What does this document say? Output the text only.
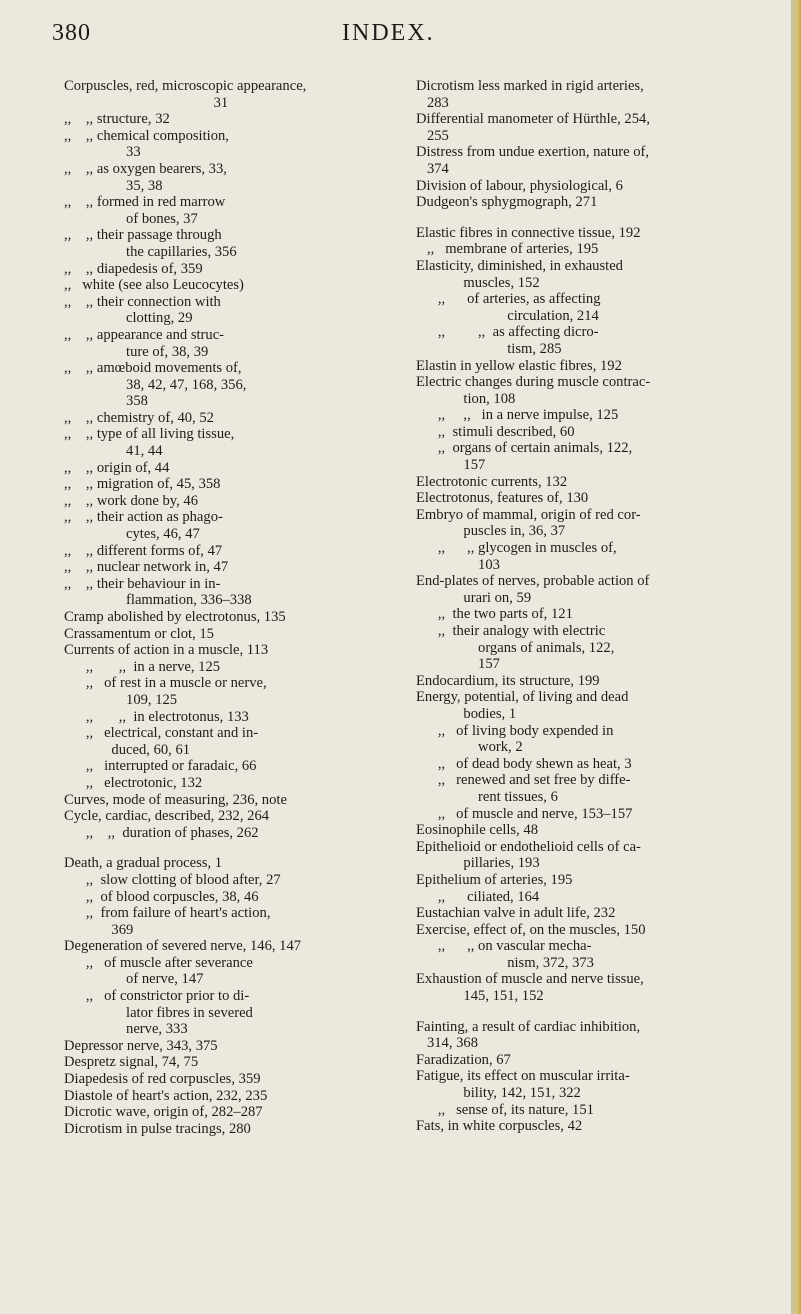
380	INDEX.
Corpuscles, red, microscopic appearance,
31
,,    ,, structure, 32
,,    ,, chemical composition,
33
,,    ,, as oxygen bearers, 33,
35, 38
,,    ,, formed in red marrow
of bones, 37
,,    ,, their passage through
the capillaries, 356
,,    ,, diapedesis of, 359
,,   white (see also Leucocytes)
,,    ,, their connection with
clotting, 29
,,    ,, appearance and struc-
ture of, 38, 39
,,    ,, amœboid movements of,
38, 42, 47, 168, 356,
358
,,    ,, chemistry of, 40, 52
,,    ,, type of all living tissue,
41, 44
,,    ,, origin of, 44
,,    ,, migration of, 45, 358
,,    ,, work done by, 46
,,    ,, their action as phago-
cytes, 46, 47
,,    ,, different forms of, 47
,,    ,, nuclear network in, 47
,,    ,, their behaviour in in-
flammation, 336–338
Cramp abolished by electrotonus, 135
Crassamentum or clot, 15
Currents of action in a muscle, 113
,,       ,,  in a nerve, 125
,,   of rest in a muscle or nerve,
109, 125
,,       ,,  in electrotonus, 133
,,   electrical, constant and in-
duced, 60, 61
,,   interrupted or faradaic, 66
,,   electrotonic, 132
Curves, mode of measuring, 236, note
Cycle, cardiac, described, 232, 264
,,    ,,  duration of phases, 262
Death, a gradual process, 1
,,  slow clotting of blood after, 27
,,  of blood corpuscles, 38, 46
,,  from failure of heart's action,
369
Degeneration of severed nerve, 146, 147
,,   of muscle after severance
of nerve, 147
,,   of constrictor prior to di-
lator fibres in severed
nerve, 333
Depressor nerve, 343, 375
Despretz signal, 74, 75
Diapedesis of red corpuscles, 359
Diastole of heart's action, 232, 235
Dicrotic wave, origin of, 282–287
Dicrotism in pulse tracings, 280
Dicrotism less marked in rigid arteries,
283
Differential manometer of Hürthle, 254,
255
Distress from undue exertion, nature of,
374
Division of labour, physiological, 6
Dudgeon's sphygmograph, 271
Elastic fibres in connective tissue, 192
,,   membrane of arteries, 195
Elasticity, diminished, in exhausted
muscles, 152
,,      of arteries, as affecting
circulation, 214
,,         ,,  as affecting dicro-
tism, 285
Elastin in yellow elastic fibres, 192
Electric changes during muscle contrac-
tion, 108
,,     ,,   in a nerve impulse, 125
,,  stimuli described, 60
,,  organs of certain animals, 122,
157
Electrotonic currents, 132
Electrotonus, features of, 130
Embryo of mammal, origin of red cor-
puscles in, 36, 37
,,      ,, glycogen in muscles of,
103
End-plates of nerves, probable action of
urari on, 59
,,  the two parts of, 121
,,  their analogy with electric
organs of animals, 122,
157
Endocardium, its structure, 199
Energy, potential, of living and dead
bodies, 1
,,   of living body expended in
work, 2
,,   of dead body shewn as heat, 3
,,   renewed and set free by diffe-
rent tissues, 6
,,   of muscle and nerve, 153–157
Eosinophile cells, 48
Epithelioid or endothelioid cells of ca-
pillaries, 193
Epithelium of arteries, 195
,,      ciliated, 164
Eustachian valve in adult life, 232
Exercise, effect of, on the muscles, 150
,,      ,, on vascular mecha-
nism, 372, 373
Exhaustion of muscle and nerve tissue,
145, 151, 152
Fainting, a result of cardiac inhibition,
314, 368
Faradization, 67
Fatigue, its effect on muscular irrita-
bility, 142, 151, 322
,,   sense of, its nature, 151
Fats, in white corpuscles, 42
